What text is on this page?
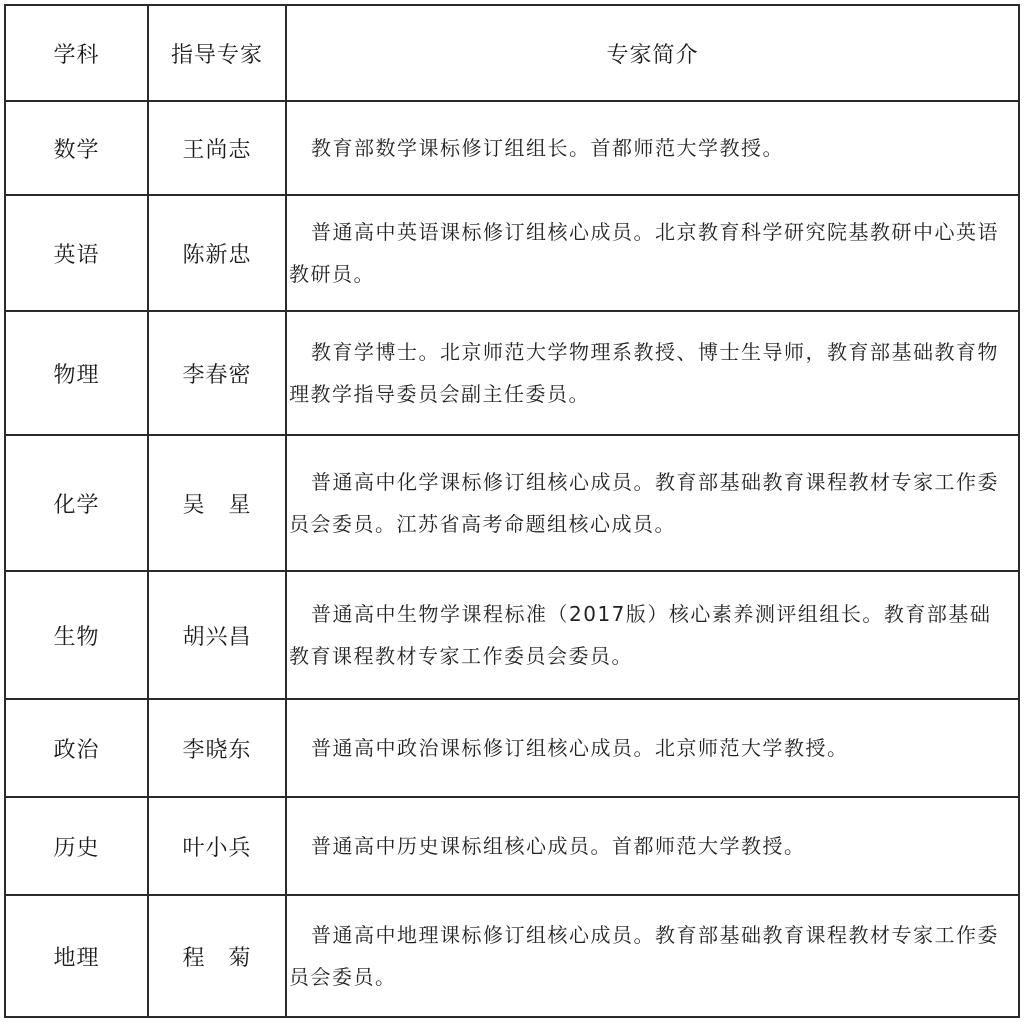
学科	指导专家	专家简介
数学	王尚志	教育部数学课标修订组组长。首都师范大学教授。
英语	陈新忠	普通高中英语课标修订组核心成员。北京教育科学研究院基教研中心英语教研员。
物理	李春密	教育学博士。北京师范大学物理系教授、博士生导师，教育部基础教育物理教学指导委员会副主任委员。
化学	吴　星	普通高中化学课标修订组核心成员。教育部基础教育课程教材专家工作委员会委员。江苏省高考命题组核心成员。
生物	胡兴昌	普通高中生物学课程标准（2017版）核心素养测评组组长。教育部基础教育课程教材专家工作委员会委员。
政治	李晓东	普通高中政治课标修订组核心成员。北京师范大学教授。
历史	叶小兵	普通高中历史课标组核心成员。首都师范大学教授。
地理	程　菊	普通高中地理课标修订组核心成员。教育部基础教育课程教材专家工作委员会委员。
